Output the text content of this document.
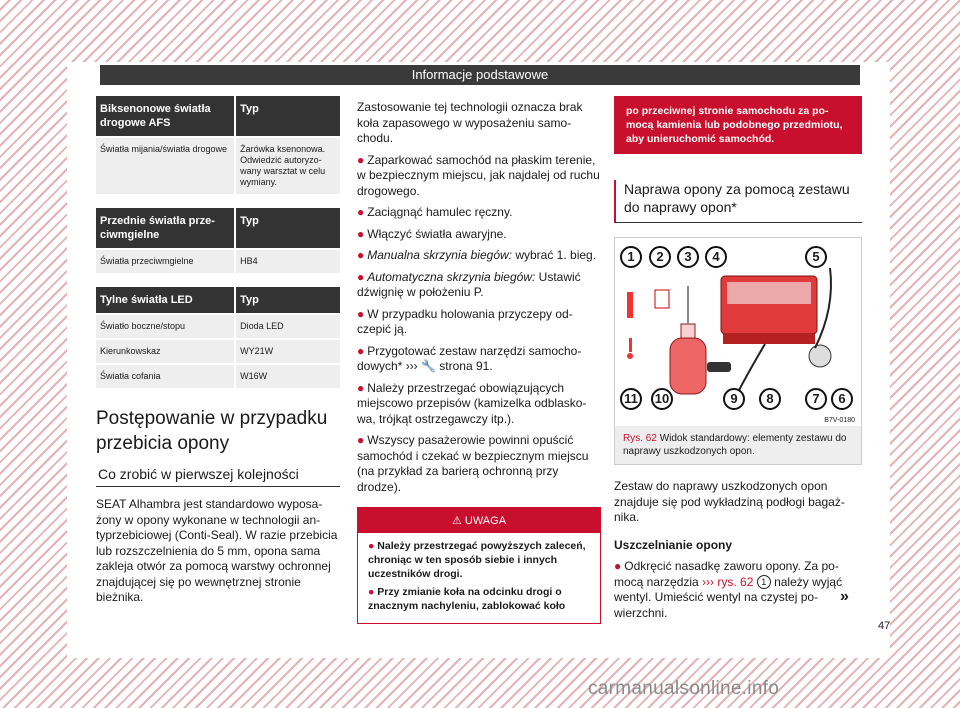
Informacje podstawowe
Biksenonowe światła drogowe AFS	Typ
Światła mijania/światła drogowe	Żarówka ksenonowa. Odwiedzić autoryzowany warsztat w celu wymiany.
Przednie światła przeciwmgielne	Typ
Światła przeciwmgielne	HB4
Tylne światła LED	Typ
Światło boczne/stopu	Dioda LED
Kierunkowskaz	WY21W
Światła cofania	W16W
Postępowanie w przypadku przebicia opony
Co zrobić w pierwszej kolejności

SEAT Alhambra jest standardowo wyposażony w opony wykonane w technologii antyprzebiciowej (Conti-Seal). W razie przebicia lub rozszczelnienia do 5 mm, opona sama zakleja otwór za pomocą warstwy ochronnej znajdującej się po wewnętrznej stronie bieżnika.

Zastosowanie tej technologii oznacza brak koła zapasowego w wyposażeniu samochodu.

● Zaparkować samochód na płaskim terenie, w bezpiecznym miejscu, jak najdalej od ruchu drogowego.
● Zaciągnąć hamulec ręczny.
● Włączyć światła awaryjne.
● Manualna skrzynia biegów: wybrać 1. bieg.
● Automatyczna skrzynia biegów: Ustawić dźwignię w położeniu P.
● W przypadku holowania przyczepy odczepić ją.
● Przygotować zestaw narzędzi samochodowych* ››› 🔧 strona 91.
● Należy przestrzegać obowiązujących miejscowo przepisów (kamizelka odblaskowa, trójkąt ostrzegawczy itp.).
● Wszyscy pasażerowie powinni opuścić samochód i czekać w bezpiecznym miejscu (na przykład za barierą ochronną przy drodze).
⚠ UWAGA
● Należy przestrzegać powyższych zaleceń, chroniąc w ten sposób siebie i innych uczestników drogi.
● Przy zmianie koła na odcinku drogi o znacznym nachyleniu, zablokować koło
po przeciwnej stronie samochodu za pomocą kamienia lub podobnego przedmiotu, aby unieruchomić samochód.
Naprawa opony za pomocą zestawu do naprawy opon*
1	2	3	4	5
6
7
8
9
10
11
B7V-0180
Rys. 62 Widok standardowy: elementy zestawu do naprawy uszkodzonych opon.

Zestaw do naprawy uszkodzonych opon znajduje się pod wykładziną podłogi bagażnika.

Uszczelnianie opony

● Odkręcić nasadkę zaworu opony. Za pomocą narzędzia ››› rys. 62 1 należy wyjąć wentyl. Umieścić wentyl na czystej powierzchni.
»
47
carmanualsonline.info
